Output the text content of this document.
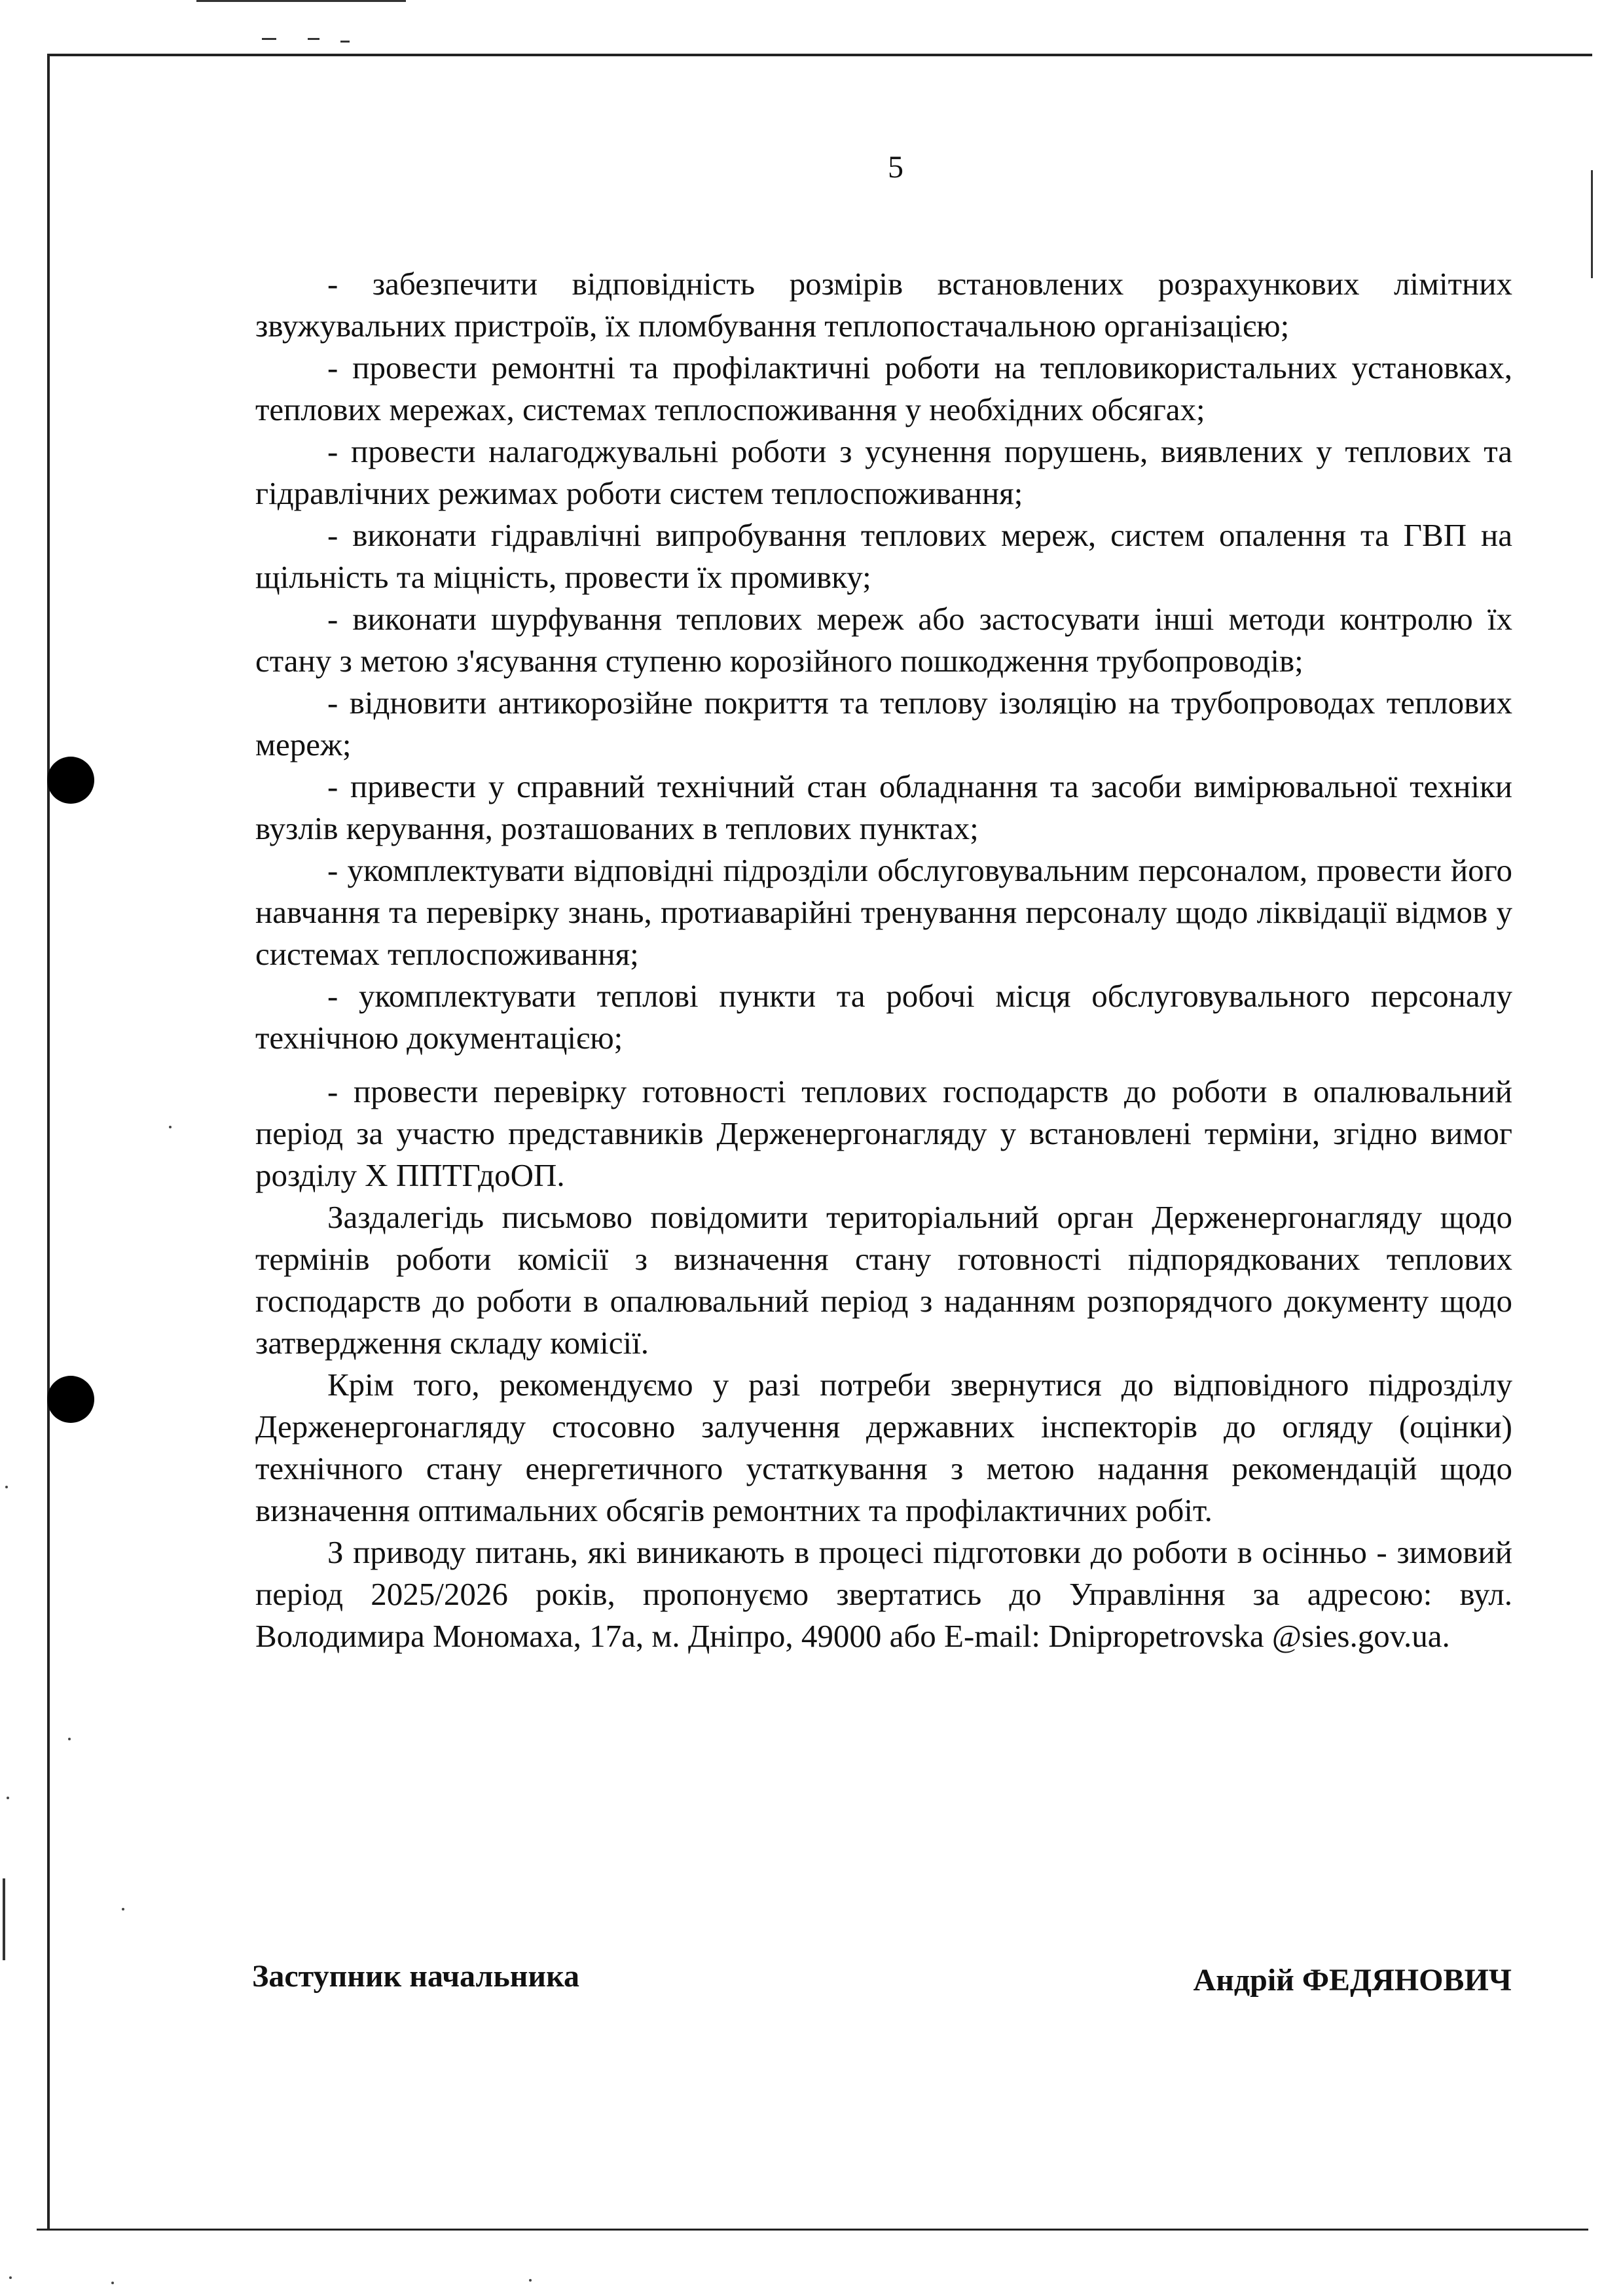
5

- забезпечити відповідність розмірів встановлених розрахункових лімітних звужувальних пристроїв, їх пломбування теплопостачальною організацією;

- провести ремонтні та профілактичні роботи на тепловикористальних установках, теплових мережах, системах теплоспоживання у необхідних обсягах;

- провести налагоджувальні роботи з усунення порушень, виявлених у теплових та гідравлічних режимах роботи систем теплоспоживання;

- виконати гідравлічні випробування теплових мереж, систем опалення та ГВП на щільність та міцність, провести їх промивку;

- виконати шурфування теплових мереж або застосувати інші методи контролю їх стану з метою з'ясування ступеню корозійного пошкодження трубопроводів;

- відновити антикорозійне покриття та теплову ізоляцію на трубопроводах теплових мереж;

- привести у справний технічний стан обладнання та засоби вимірювальної техніки вузлів керування, розташованих в теплових пунктах;

- укомплектувати відповідні підрозділи обслуговувальним персоналом, провести його навчання та перевірку знань, протиаварійні тренування персоналу щодо ліквідації відмов у системах теплоспоживання;

- укомплектувати теплові пункти та робочі місця обслуговувального персоналу технічною документацією;

- провести перевірку готовності теплових господарств до роботи в опалювальний період за участю представників Держенергонагляду у встановлені терміни, згідно вимог розділу Х ППТГдоОП.

Заздалегідь письмово повідомити територіальний орган Держенергонагляду щодо термінів роботи комісії з визначення стану готовності підпорядкованих теплових господарств до роботи в опалювальний період з наданням розпорядчого документу щодо затвердження складу комісії.

Крім того, рекомендуємо у разі потреби звернутися до відповідного підрозділу Держенергонагляду стосовно залучення державних інспекторів до огляду (оцінки) технічного стану енергетичного устаткування з метою надання рекомендацій щодо визначення оптимальних обсягів ремонтних та профілактичних робіт.

З приводу питань, які виникають в процесі підготовки до роботи в осінньо - зимовий період 2025/2026 років, пропонуємо звертатись до Управління за адресою: вул. Володимира Мономаха, 17а, м. Дніпро, 49000 або E-mail: Dnipropetrovska @sies.gov.ua.

Заступник начальника	Андрій ФЕДЯНОВИЧ
